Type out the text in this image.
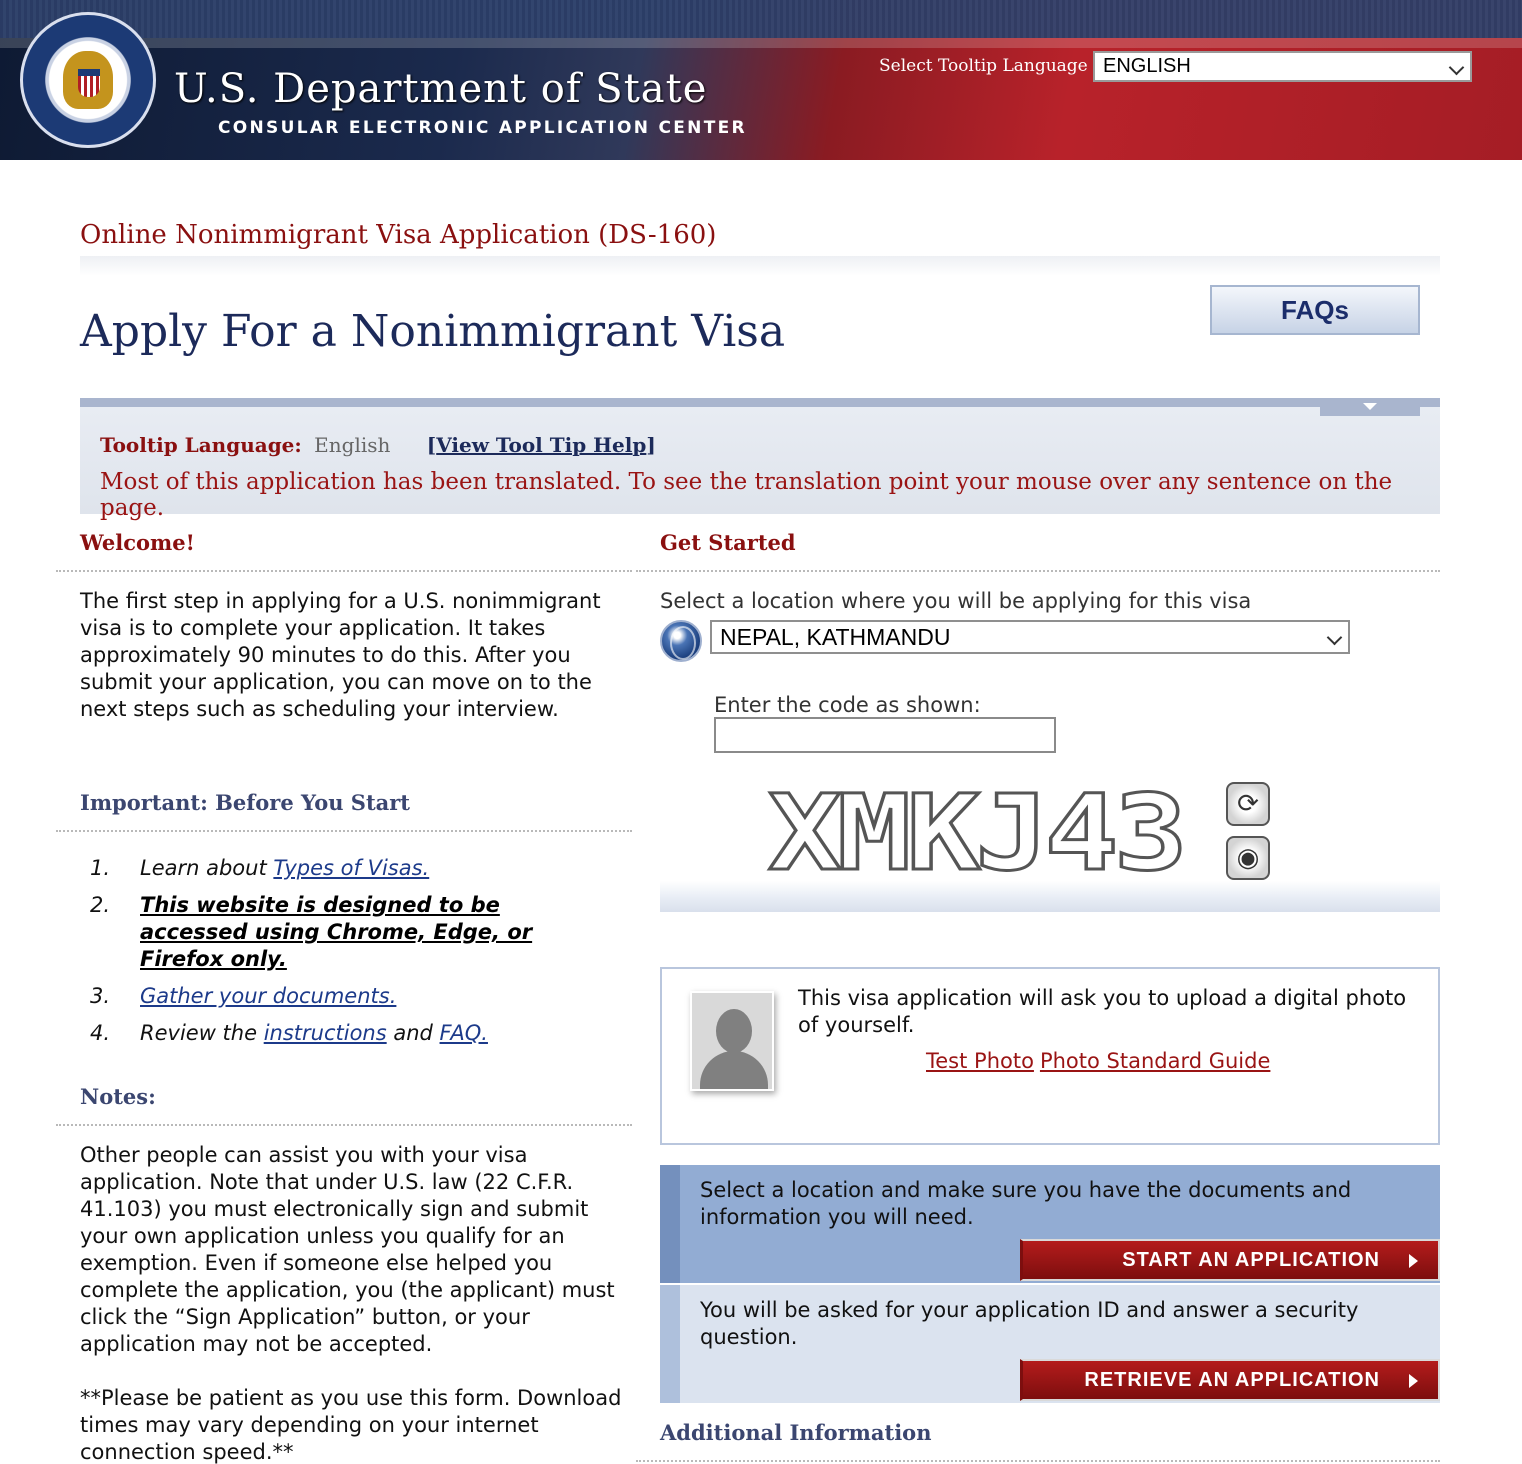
U.S. Department of State
CONSULAR ELECTRONIC APPLICATION CENTER
Select Tooltip Language ENGLISH
Online Nonimmigrant Visa Application (DS-160)
Apply For a Nonimmigrant Visa	FAQs
Tooltip Language: English [View Tool Tip Help]
Most of this application has been translated. To see the translation point your mouse over any sentence on the page.
Welcome!
The first step in applying for a U.S. nonimmigrant visa is to complete your application. It takes approximately 90 minutes to do this. After you submit your application, you can move on to the next steps such as scheduling your interview.
Important: Before You Start
1.	Learn about Types of Visas.
2.	This website is designed to be accessed using Chrome, Edge, or Firefox only.
3.	Gather your documents.
4.	Review the instructions and FAQ.
Notes:
Other people can assist you with your visa application. Note that under U.S. law (22 C.F.R. 41.103) you must electronically sign and submit your own application unless you qualify for an exemption. Even if someone else helped you complete the application, you (the applicant) must click the “Sign Application” button, or your application may not be accepted.
**Please be patient as you use this form. Download times may vary depending on your internet connection speed.**
Get Started
Select a location where you will be applying for this visa
NEPAL, KATHMANDU
Enter the code as shown:
XMKJ43	⟳
◉
This visa application will ask you to upload a digital photo of yourself.
Test Photo Photo Standard Guide
Select a location and make sure you have the documents and information you will need.
START AN APPLICATION
You will be asked for your application ID and answer a security question.
RETRIEVE AN APPLICATION
Additional Information
